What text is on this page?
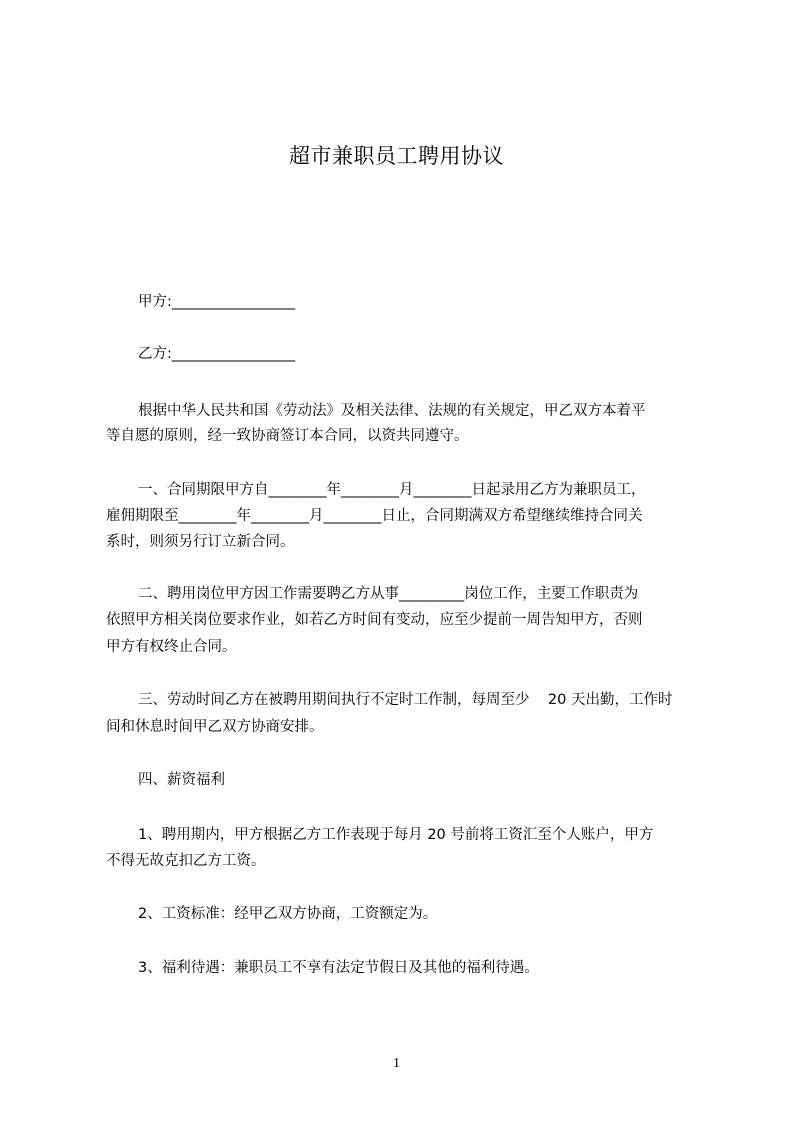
超市兼职员工聘用协议
甲方:_________________
乙方:_________________
根据中华人民共和国《劳动法》及相关法律、法规的有关规定，甲乙双方本着平
等自愿的原则，经一致协商签订本合同，以资共同遵守。
一、合同期限甲方自________年________月________日起录用乙方为兼职员工，
雇佣期限至________年________月________日止，合同期满双方希望继续维持合同关
系时，则须另行订立新合同。
二、聘用岗位甲方因工作需要聘乙方从事_________岗位工作，主要工作职责为
依照甲方相关岗位要求作业，如若乙方时间有变动，应至少提前一周告知甲方，否则
甲方有权终止合同。
三、劳动时间乙方在被聘用期间执行不定时工作制，每周至少    20 天出勤，工作时
间和休息时间甲乙双方协商安排。
四、薪资福利
1、聘用期内，甲方根据乙方工作表现于每月 20 号前将工资汇至个人账户，甲方
不得无故克扣乙方工资。
2、工资标准：经甲乙双方协商，工资额定为。
3、福利待遇：兼职员工不享有法定节假日及其他的福利待遇。
1
